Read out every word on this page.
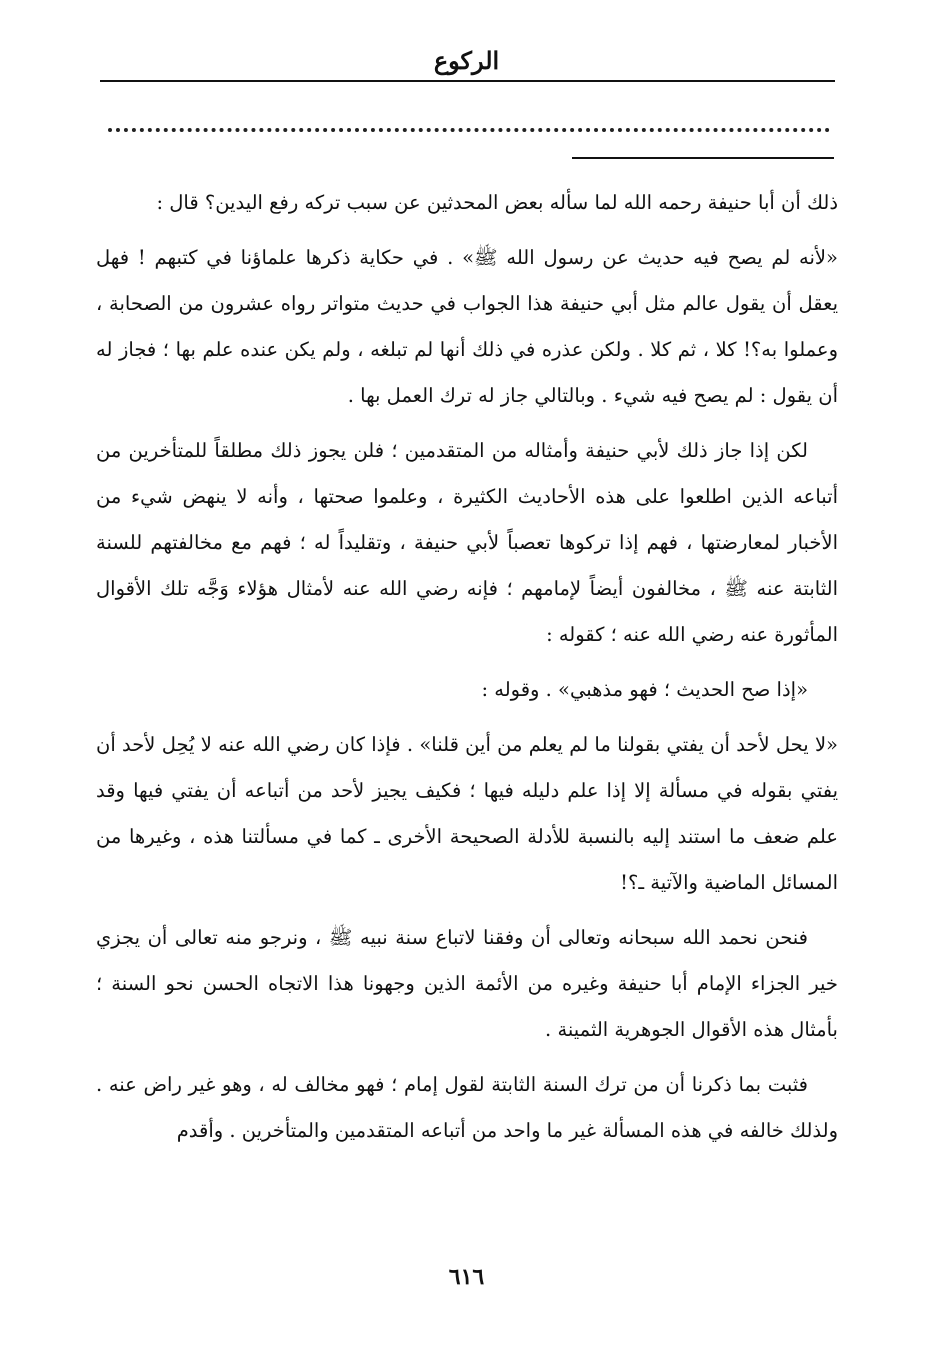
الركوع

ذلك أن أبا حنيفة رحمه الله لما سأله بعض المحدثين عن سبب تركه رفع اليدين؟ قال :

«لأنه لم يصح فيه حديث عن رسول الله ﷺ» . في حكاية ذكرها علماؤنا في كتبهم ! فهل يعقل أن يقول عالم مثل أبي حنيفة هذا الجواب في حديث متواتر رواه عشرون من الصحابة ، وعملوا به؟! كلا ، ثم كلا . ولكن عذره في ذلك أنها لم تبلغه ، ولم يكن عنده علم بها ؛ فجاز له أن يقول : لم يصح فيه شيء . وبالتالي جاز له ترك العمل بها .

لكن إذا جاز ذلك لأبي حنيفة وأمثاله من المتقدمين ؛ فلن يجوز ذلك مطلقاً للمتأخرين من أتباعه الذين اطلعوا على هذه الأحاديث الكثيرة ، وعلموا صحتها ، وأنه لا ينهض شيء من الأخبار لمعارضتها ، فهم إذا تركوها تعصباً لأبي حنيفة ، وتقليداً له ؛ فهم مع مخالفتهم للسنة الثابتة عنه ﷺ ، مخالفون أيضاً لإمامهم ؛ فإنه رضي الله عنه لأمثال هؤلاء وَجَّه تلك الأقوال المأثورة عنه رضي الله عنه ؛ كقوله :

«إذا صح الحديث ؛ فهو مذهبي» . وقوله :

«لا يحل لأحد أن يفتي بقولنا ما لم يعلم من أين قلنا» . فإذا كان رضي الله عنه لا يُحِل لأحد أن يفتي بقوله في مسألة إلا إذا علم دليله فيها ؛ فكيف يجيز لأحد من أتباعه أن يفتي فيها وقد علم ضعف ما استند إليه بالنسبة للأدلة الصحيحة الأخرى ـ كما في مسألتنا هذه ، وغيرها من المسائل الماضية والآتية ـ؟!

فنحن نحمد الله سبحانه وتعالى أن وفقنا لاتباع سنة نبيه ﷺ ، ونرجو منه تعالى أن يجزي خير الجزاء الإمام أبا حنيفة وغيره من الأئمة الذين وجهونا هذا الاتجاه الحسن نحو السنة ؛ بأمثال هذه الأقوال الجوهرية الثمينة .

فثبت بما ذكرنا أن من ترك السنة الثابتة لقول إمام ؛ فهو مخالف له ، وهو غير راض عنه . ولذلك خالفه في هذه المسألة غير ما واحد من أتباعه المتقدمين والمتأخرين . وأقدم

٦١٦
